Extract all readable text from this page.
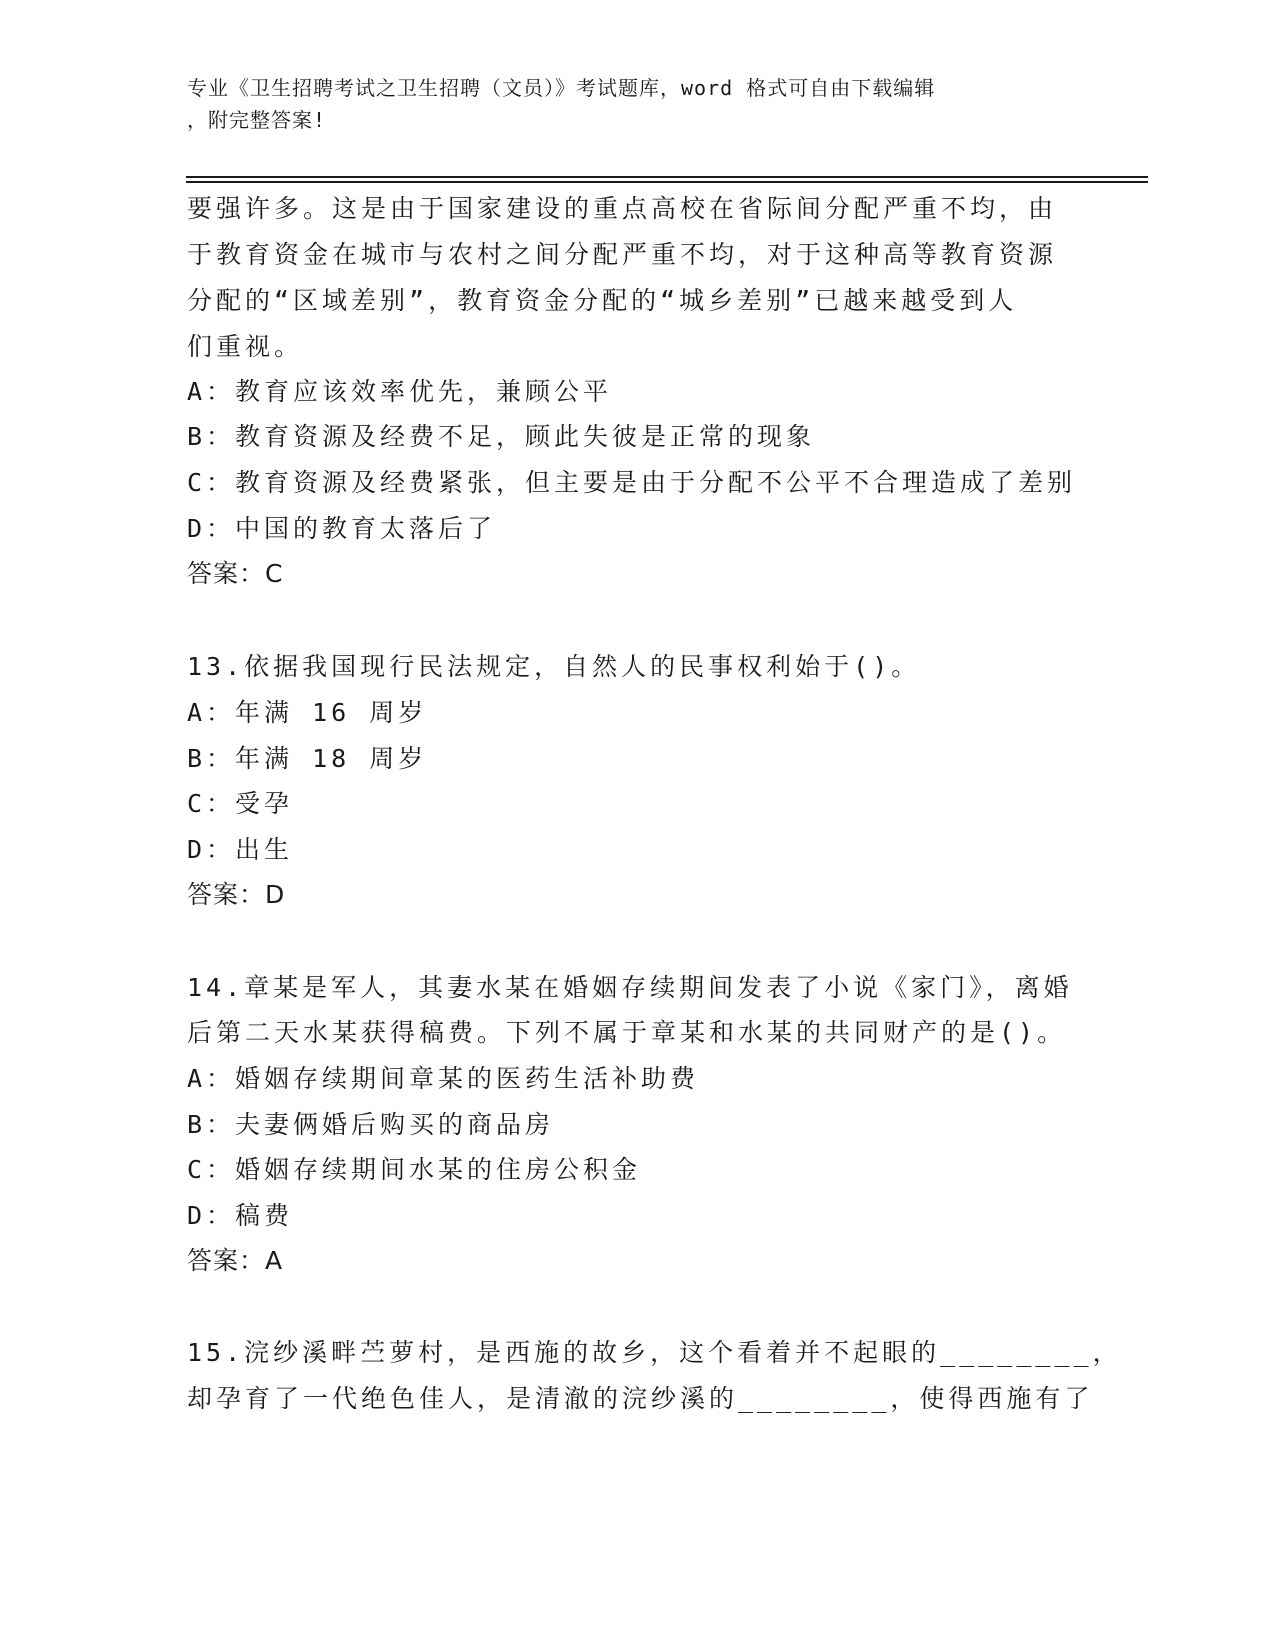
专业《卫生招聘考试之卫生招聘（文员）》考试题库，word 格式可自由下载编辑
，附完整答案!
要强许多。这是由于国家建设的重点高校在省际间分配严重不均，由
于教育资金在城市与农村之间分配严重不均，对于这种高等教育资源
分配的“区域差别”，教育资金分配的“城乡差别”已越来越受到人
们重视。
A：教育应该效率优先，兼顾公平
B：教育资源及经费不足，顾此失彼是正常的现象
C：教育资源及经费紧张，但主要是由于分配不公平不合理造成了差别
D：中国的教育太落后了
答案：C
13.依据我国现行民法规定，自然人的民事权利始于()。
A：年满 16 周岁
B：年满 18 周岁
C：受孕
D：出生
答案：D
14.章某是军人，其妻水某在婚姻存续期间发表了小说《家门》，离婚
后第二天水某获得稿费。下列不属于章某和水某的共同财产的是()。
A：婚姻存续期间章某的医药生活补助费
B：夫妻俩婚后购买的商品房
C：婚姻存续期间水某的住房公积金
D：稿费
答案：A
15.浣纱溪畔苎萝村，是西施的故乡，这个看着并不起眼的________，
却孕育了一代绝色佳人，是清澈的浣纱溪的________，使得西施有了
